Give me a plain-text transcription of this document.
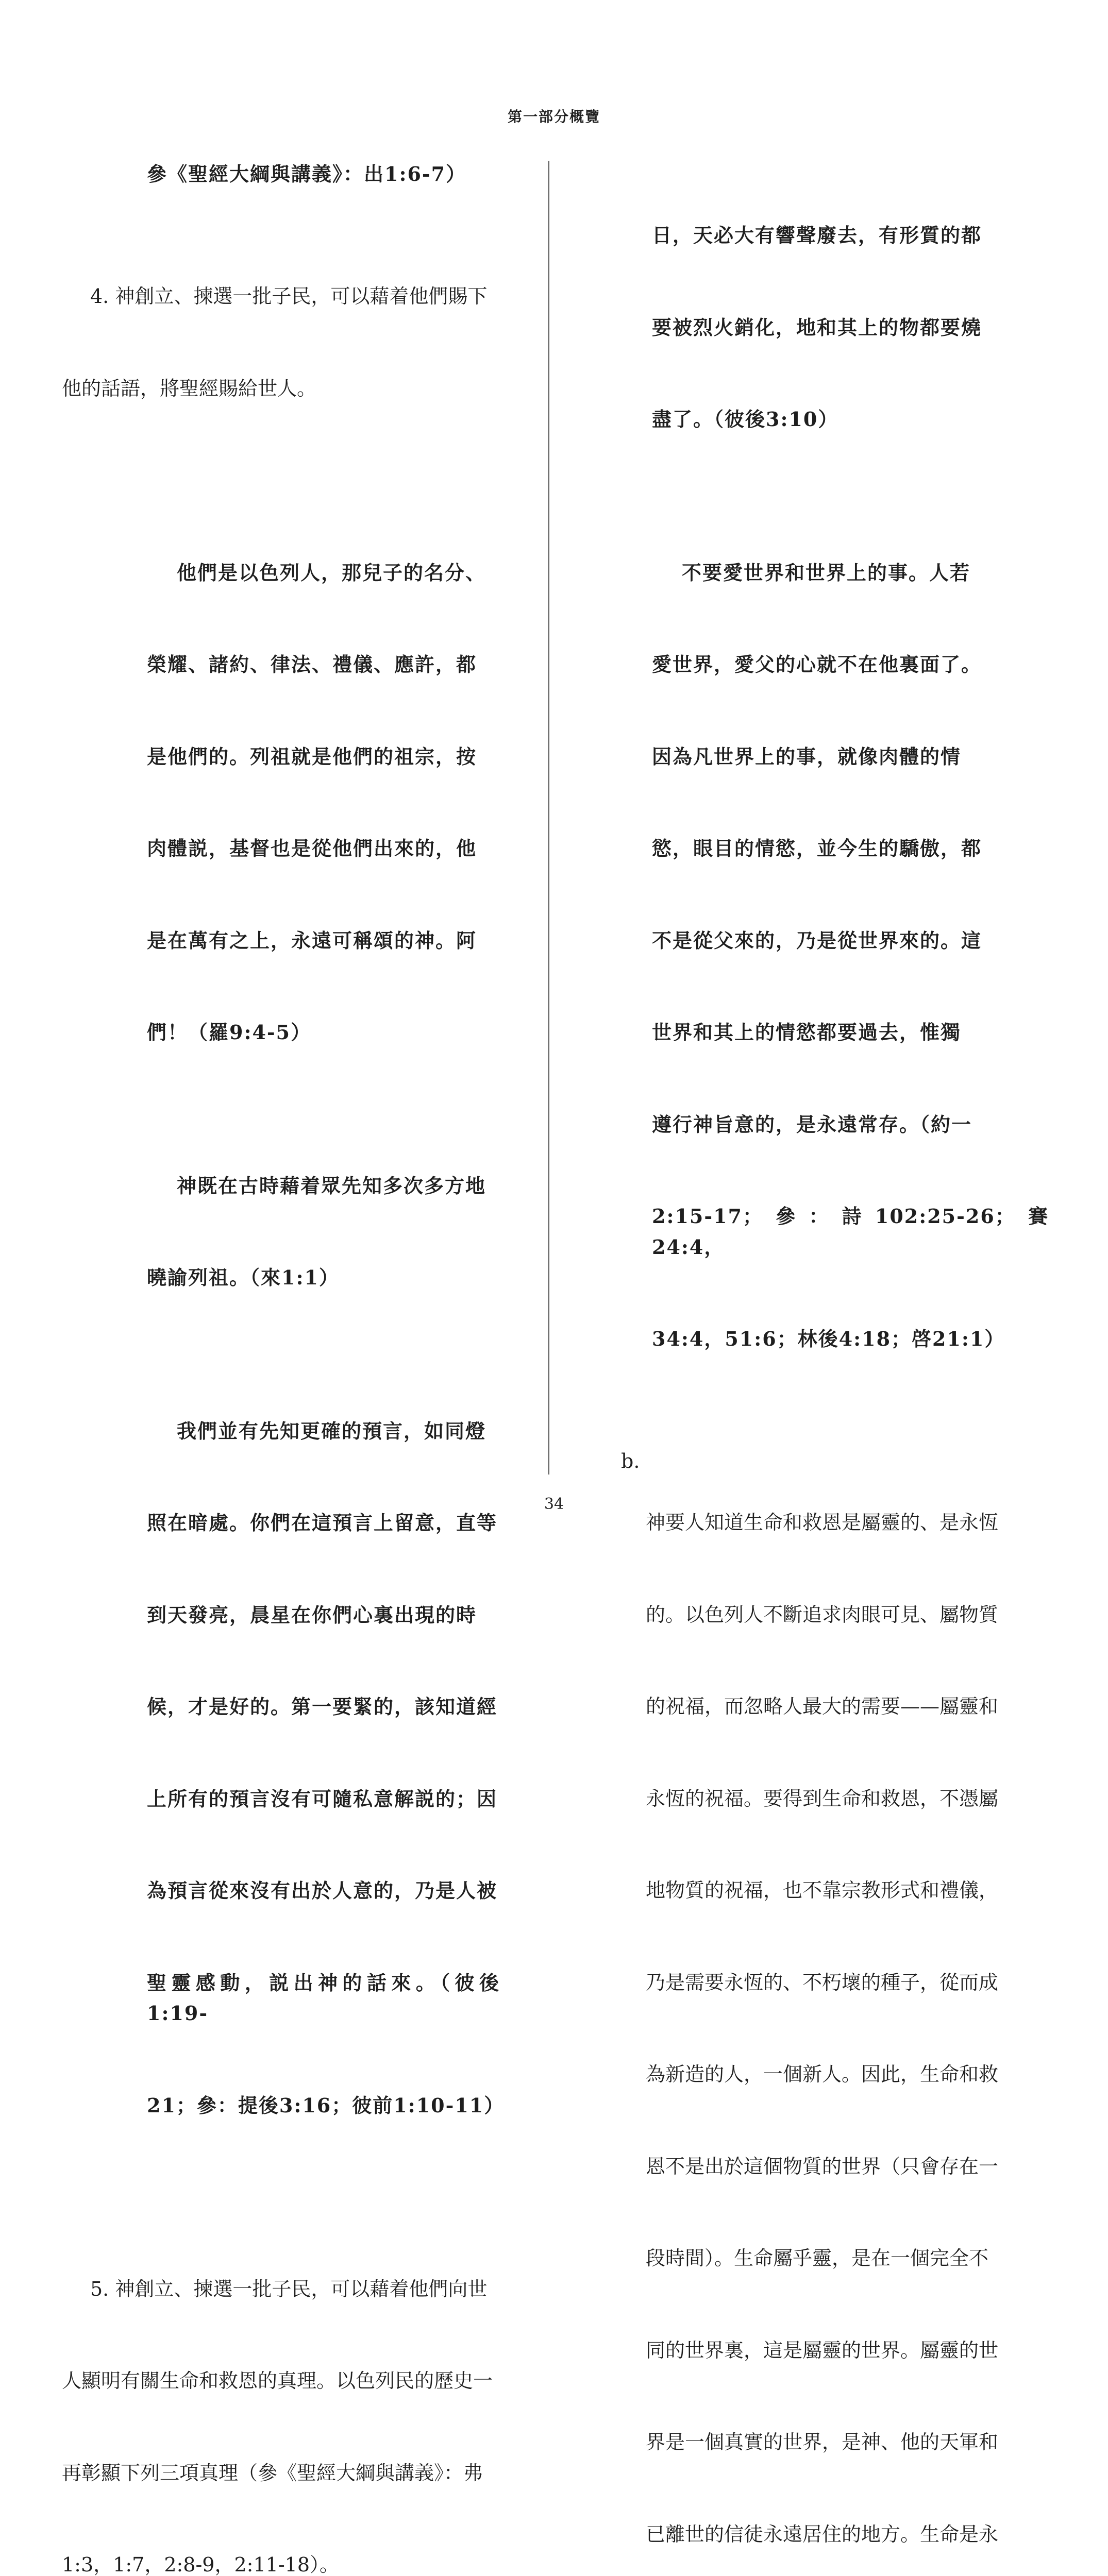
第一部分概覽
參《聖經大綱與講義》：出1:6-7）

4. 神創立、揀選一批子民，可以藉着他們賜下

他的話語，將聖經賜給世人。

他們是以色列人，那兒子的名分、

榮耀、諸約、律法、禮儀、應許，都

是他們的。列祖就是他們的祖宗，按

肉體説，基督也是從他們出來的，他

是在萬有之上，永遠可稱頌的神。阿

們！（羅9:4-5）

神既在古時藉着眾先知多次多方地

曉諭列祖。（來1:1）

我們並有先知更確的預言，如同燈

照在暗處。你們在這預言上留意，直等

到天發亮，晨星在你們心裏出現的時

候，才是好的。第一要緊的，該知道經

上所有的預言沒有可隨私意解説的；因

為預言從來沒有出於人意的，乃是人被

聖靈感動，説出神的話來。（彼後1:19-

21；參：提後3:16；彼前1:10-11）

5. 神創立、揀選一批子民，可以藉着他們向世

人顯明有關生命和救恩的真理。以色列民的歷史一

再彰顯下列三項真理（參《聖經大綱與講義》：弗

1:3，1:7，2:8-9，2:11-18）。

日，天必大有響聲廢去，有形質的都

要被烈火銷化，地和其上的物都要燒

盡了。（彼後3:10）

不要愛世界和世界上的事。人若

愛世界，愛父的心就不在他裏面了。

因為凡世界上的事，就像肉體的情

慾，眼目的情慾，並今生的驕傲，都

不是從父來的，乃是從世界來的。這

世界和其上的情慾都要過去，惟獨

遵行神旨意的，是永遠常存。（約一

2:15-17；參：詩102:25-26；賽24:4，

34:4，51:6；林後4:18；啓21:1）

b.

神要人知道生命和救恩是屬靈的、是永恆

的。以色列人不斷追求肉眼可見、屬物質

的祝福，而忽略人最大的需要——屬靈和

永恆的祝福。要得到生命和救恩，不憑屬

地物質的祝福，也不靠宗教形式和禮儀，

乃是需要永恆的、不朽壞的種子，從而成

為新造的人，一個新人。因此，生命和救

恩不是出於這個物質的世界（只會存在一

段時間）。生命屬乎靈，是在一個完全不

同的世界裏，這是屬靈的世界。屬靈的世

界是一個真實的世界，是神、他的天軍和

已離世的信徒永遠居住的地方。生命是永

34
